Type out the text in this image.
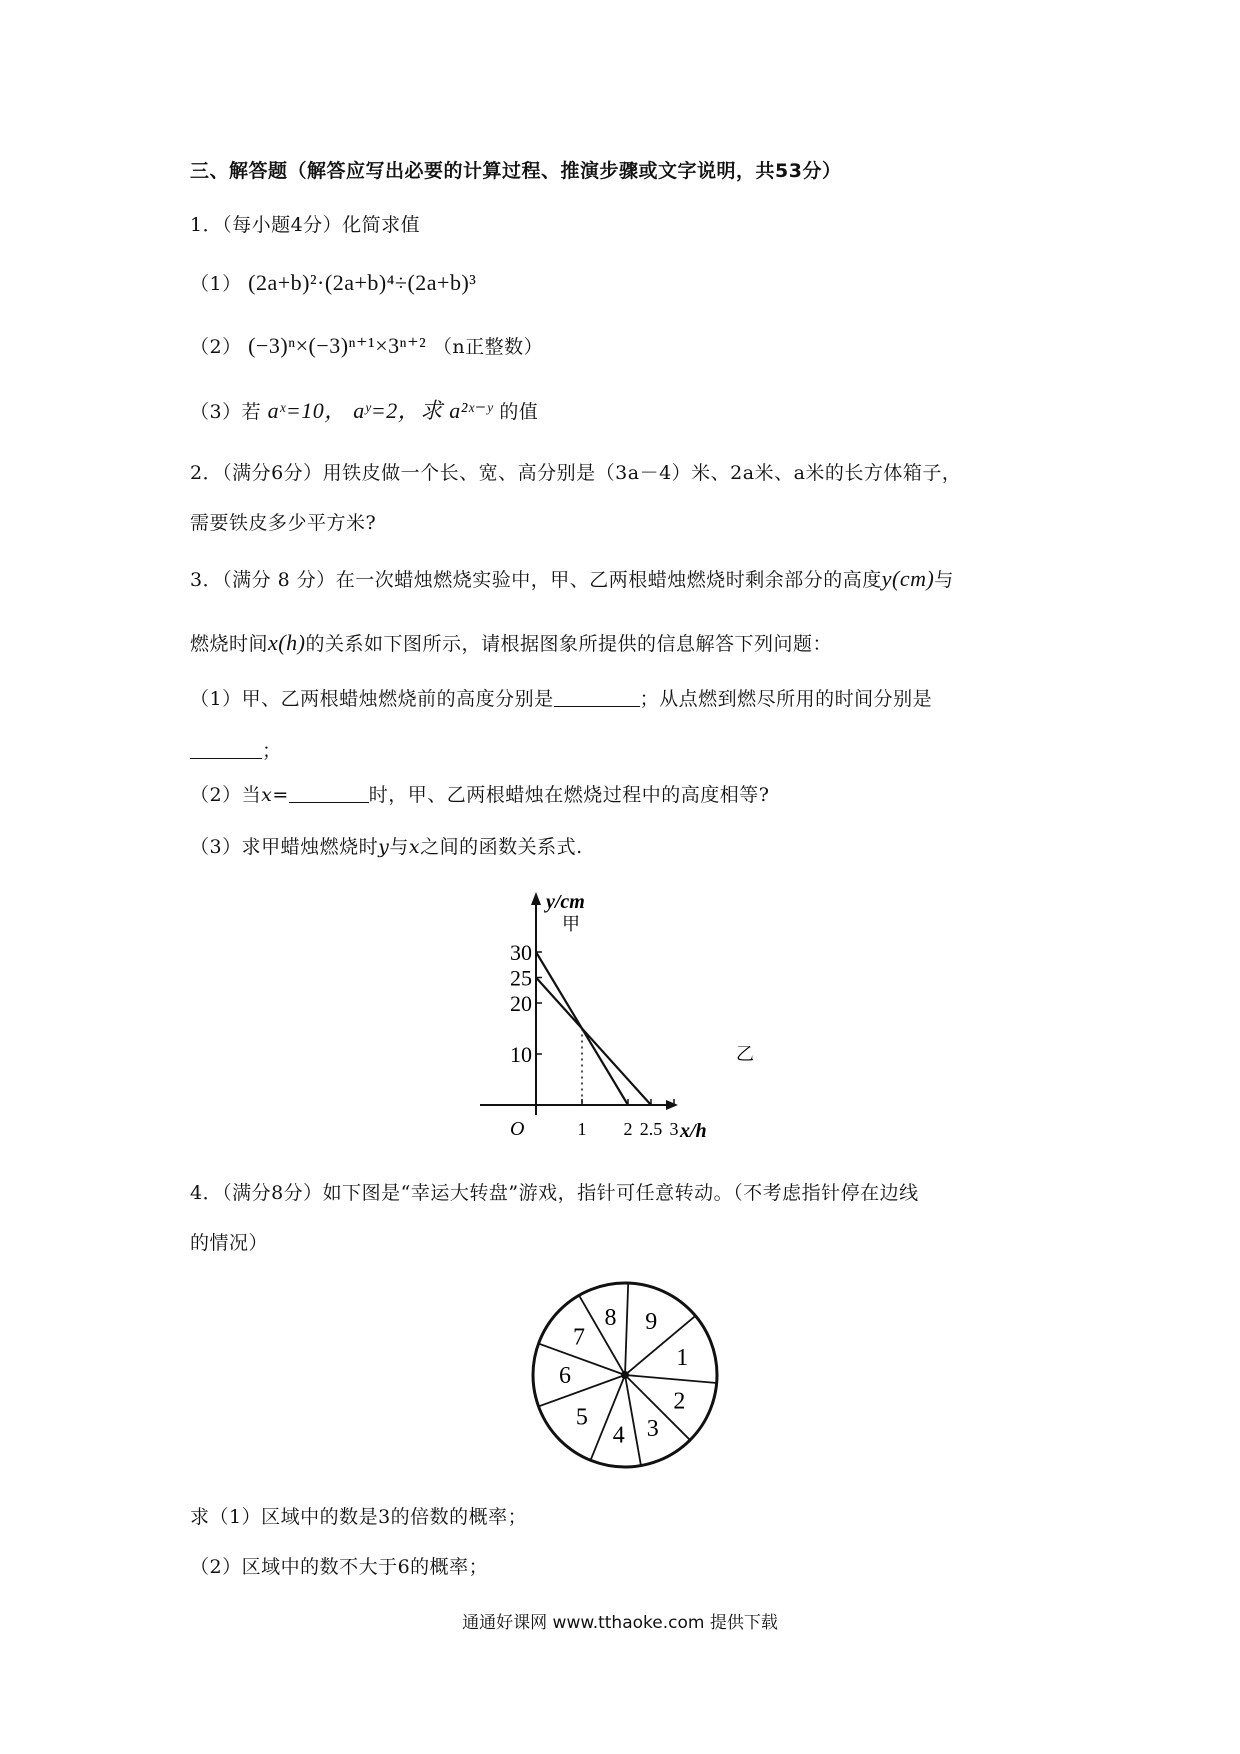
三、解答题（解答应写出必要的计算过程、推演步骤或文字说明，共53分）
1．（每小题4分）化简求值
（1） (2a+b)²·(2a+b)⁴÷(2a+b)³
（2） (−3)ⁿ×(−3)ⁿ⁺¹×3ⁿ⁺² （n正整数）
（3）若 aˣ=10， aʸ=2，求 a²ˣ⁻ʸ 的值
2．（满分6分）用铁皮做一个长、宽、高分别是（3a－4）米、2a米、a米的长方体箱子，
需要铁皮多少平方米?
3．（满分 8 分）在一次蜡烛燃烧实验中，甲、乙两根蜡烛燃烧时剩余部分的高度y(cm)与
燃烧时间x(h)的关系如下图所示，请根据图象所提供的信息解答下列问题：
（1）甲、乙两根蜡烛燃烧前的高度分别是	；从点燃到燃尽所用的时间分别是
；
（2）当x=	时，甲、乙两根蜡烛在燃烧过程中的高度相等?
（3）求甲蜡烛燃烧时y与x之间的函数关系式.
y/cm
x/h
O
10
20
25
30
1 2 2.5 3
甲
乙
4．（满分8分）如下图是“幸运大转盘”游戏，指针可任意转动。（不考虑指针停在边线
的情况）
1
2
3
4
5
6
7
8 9
求（1）区域中的数是3的倍数的概率；
（2）区域中的数不大于6的概率；
通通好课网 www.tthaoke.com 提供下载
